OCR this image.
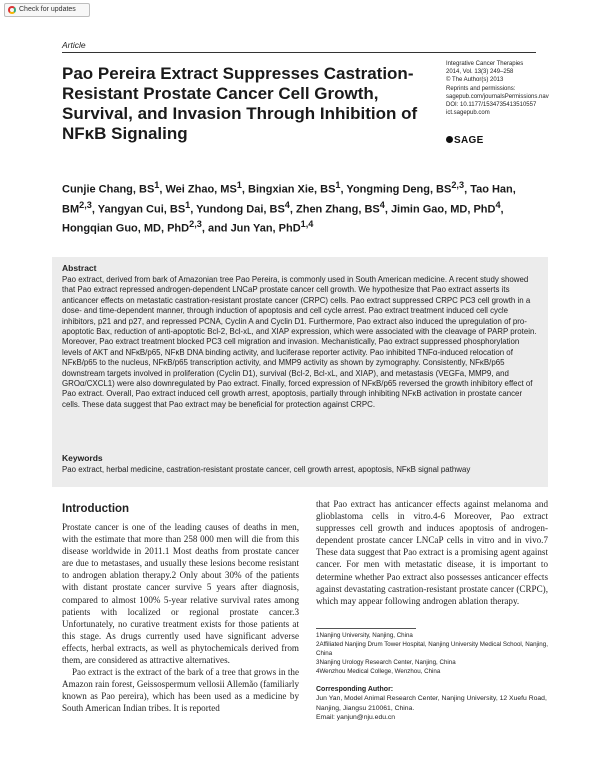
Check for updates
Article
Pao Pereira Extract Suppresses Castration-Resistant Prostate Cancer Cell Growth, Survival, and Invasion Through Inhibition of NFκB Signaling
Integrative Cancer Therapies
2014, Vol. 13(3) 249–258
© The Author(s) 2013
Reprints and permissions:
sagepub.com/journalsPermissions.nav
DOI: 10.1177/1534735413510557
ict.sagepub.com
SAGE
Cunjie Chang, $BS^1$, Wei Zhao, $MS^1$, Bingxian Xie, $BS^1$, Yongming Deng, BS$^{2,3}$, Tao Han, BM$^{2,3}$, Yangyan Cui, $BS^1$, Yundong Dai, $BS^4$, Zhen Zhang, $BS^4$, Jimin Gao, MD, PhD$^4$, Hongqian Guo, MD, PhD$^{2,3}$, and Jun Yan, PhD$^{1,4}$
Abstract
Pao extract, derived from bark of Amazonian tree Pao Pereira, is commonly used in South American medicine. A recent study showed that Pao extract repressed androgen-dependent LNCaP prostate cancer cell growth. We hypothesize that Pao extract asserts its anticancer effects on metastatic castration-resistant prostate cancer (CRPC) cells. Pao extract suppressed CRPC PC3 cell growth in a dose- and time-dependent manner, through induction of apoptosis and cell cycle arrest. Pao extract treatment induced cell cycle inhibitors, p21 and p27, and repressed PCNA, Cyclin A and Cyclin D1. Furthermore, Pao extract also induced the upregulation of pro-apoptotic Bax, reduction of anti-apoptotic Bcl-2, Bcl-xL, and XIAP expression, which were associated with the cleavage of PARP protein. Moreover, Pao extract treatment blocked PC3 cell migration and invasion. Mechanistically, Pao extract suppressed phosphorylation levels of AKT and NFκB/p65, NFκB DNA binding activity, and luciferase reporter activity. Pao inhibited TNFα-induced relocation of NFκB/p65 to the nucleus, NFκB/p65 transcription activity, and MMP9 activity as shown by zymography. Consistently, NFκB/p65 downstream targets involved in proliferation (Cyclin D1), survival (Bcl-2, Bcl-xL, and XIAP), and metastasis (VEGFa, MMP9, and GROα/CXCL1) were also downregulated by Pao extract. Finally, forced expression of NFκB/p65 reversed the growth inhibitory effect of Pao extract. Overall, Pao extract induced cell growth arrest, apoptosis, partially through inhibiting NFκB activation in prostate cancer cells. These data suggest that Pao extract may be beneficial for protection against CRPC.
Keywords
Pao extract, herbal medicine, castration-resistant prostate cancer, cell growth arrest, apoptosis, NFκB signal pathway
Introduction

Prostate cancer is one of the leading causes of deaths in men, with the estimate that more than 258 000 men will die from this disease worldwide in 2011.1 Most deaths from prostate cancer are due to metastases, and usually these lesions become resistant to androgen ablation therapy.2 Only about 30% of the patients with distant prostate cancer survive 5 years after diagnosis, compared to almost 100% 5-year relative survival rates among patients with localized or regional prostate cancer.3 Unfortunately, no curative treatment exists for those patients at this stage. As drugs currently used have significant adverse effects, herbal extracts, as well as phytochemicals derived from them, are considered as attractive alternatives.

Pao extract is the extract of the bark of a tree that grows in the Amazon rain forest, Geissospermum vellosii Allemão (familiarly known as Pao pereira), which has been used as a medicine by South American Indian tribes. It is reported

that Pao extract has anticancer effects against melanoma and glioblastoma cells in vitro.4-6 Moreover, Pao extract suppresses cell growth and induces apoptosis of androgen-dependent prostate cancer LNCaP cells in vitro and in vivo.7 These data suggest that Pao extract is a promising agent against cancer. For men with metastatic disease, it is important to determine whether Pao extract also possesses anticancer effects against devastating castration-resistant prostate cancer (CRPC), which may appear following androgen ablation therapy.

1Nanjing University, Nanjing, China
2Affiliated Nanjing Drum Tower Hospital, Nanjing University Medical School, Nanjing, China
3Nanjing Urology Research Center, Nanjing, China
4Wenzhou Medical College, Wenzhou, China
Corresponding Author:
Jun Yan, Model Animal Research Center, Nanjing University, 12 Xuefu Road, Nanjing, Jiangsu 210061, China.
Email: yanjun@nju.edu.cn
